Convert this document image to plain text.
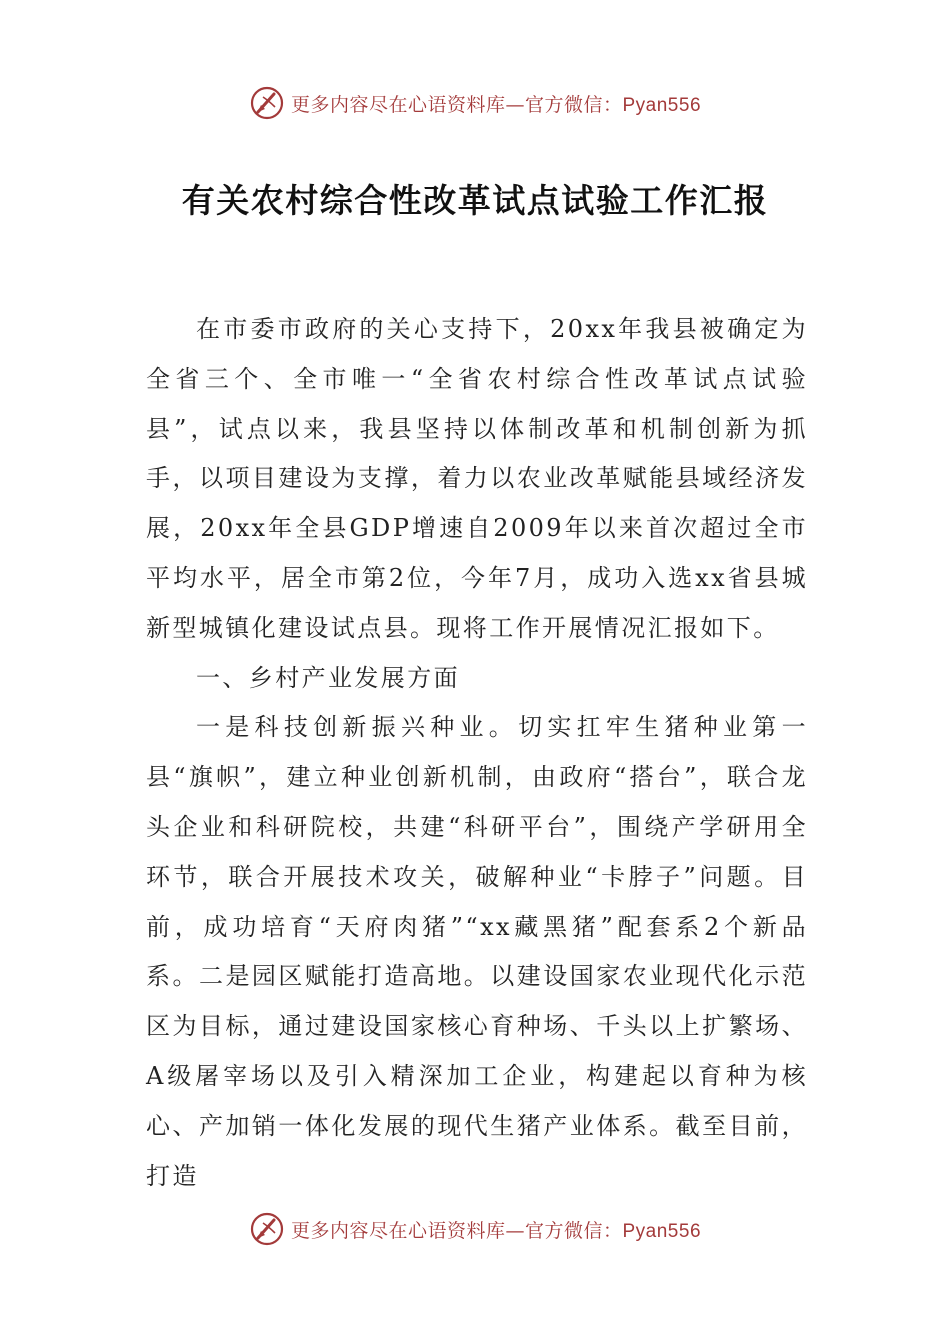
更多内容尽在心语资料库—官方微信：Pyan556
有关农村综合性改革试点试验工作汇报

在市委市政府的关心支持下，20xx年我县被确定为全省三个、全市唯一“全省农村综合性改革试点试验县”，试点以来，我县坚持以体制改革和机制创新为抓手，以项目建设为支撑，着力以农业改革赋能县域经济发展，20xx年全县GDP增速自2009年以来首次超过全市平均水平，居全市第2位，今年7月，成功入选xx省县城新型城镇化建设试点县。现将工作开展情况汇报如下。

一、乡村产业发展方面

一是科技创新振兴种业。切实扛牢生猪种业第一县“旗帜”，建立种业创新机制，由政府“搭台”，联合龙头企业和科研院校，共建“科研平台”，围绕产学研用全环节，联合开展技术攻关，破解种业“卡脖子”问题。目前，成功培育“天府肉猪”“xx藏黑猪”配套系2个新品系。二是园区赋能打造高地。以建设国家农业现代化示范区为目标，通过建设国家核心育种场、千头以上扩繁场、A级屠宰场以及引入精深加工企业，构建起以育种为核心、产加销一体化发展的现代生猪产业体系。截至目前，打造

更多内容尽在心语资料库—官方微信：Pyan556
